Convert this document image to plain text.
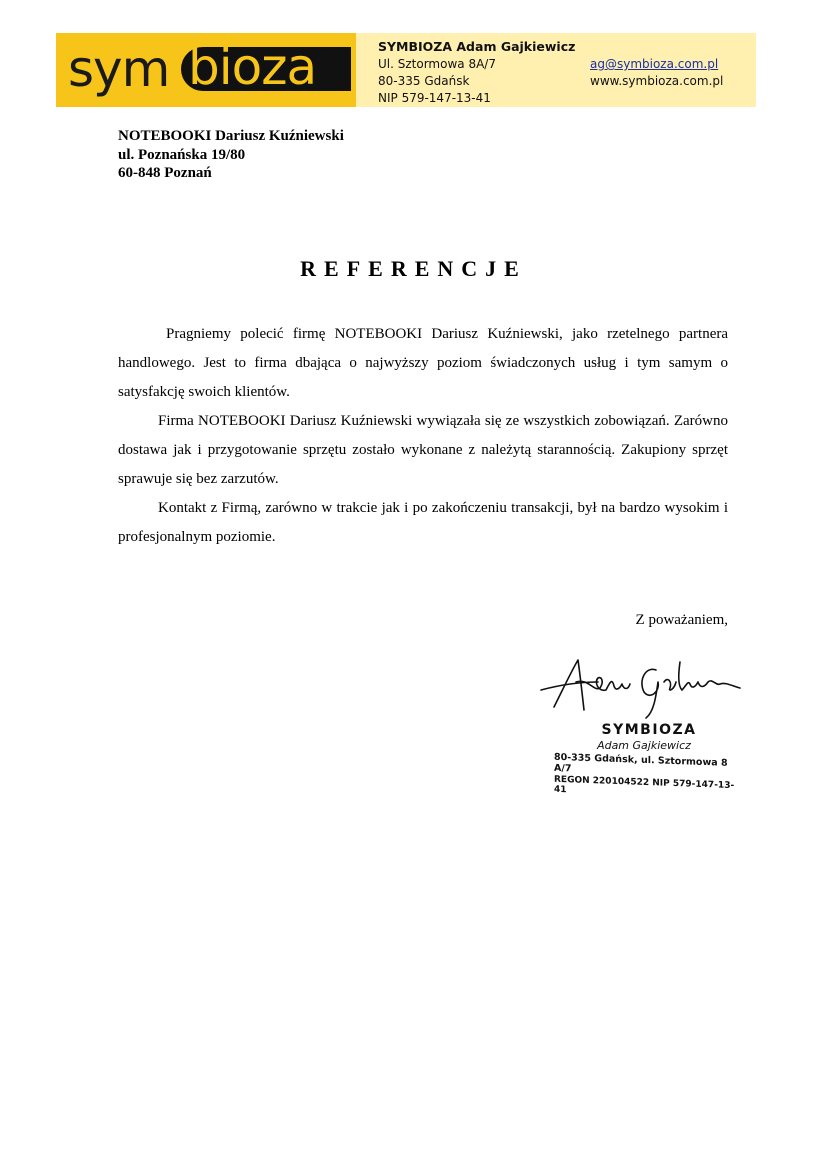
sym bioza	SYMBIOZA Adam Gajkiewicz
Ul. Sztormowa 8A/7
80-335 Gdańsk
NIP 579-147-13-41
ag@symbioza.com.pl
www.symbioza.com.pl
NOTEBOOKI Dariusz Kuźniewski
ul. Poznańska 19/80
60-848 Poznań
REFERENCJE

Pragniemy polecić firmę NOTEBOOKI Dariusz Kuźniewski, jako rzetelnego partnera handlowego. Jest to firma dbająca o najwyższy poziom świadczonych usług i tym samym o satysfakcję swoich klientów.

Firma NOTEBOOKI Dariusz Kuźniewski wywiązała się ze wszystkich zobowiązań. Zarówno dostawa jak i przygotowanie sprzętu zostało wykonane z należytą starannością. Zakupiony sprzęt sprawuje się bez zarzutów.

Kontakt z Firmą, zarówno w trakcie jak i po zakończeniu transakcji, był na bardzo wysokim i profesjonalnym poziomie.

Z poważaniem,
SYMBIOZA
Adam Gajkiewicz
80-335 Gdańsk, ul. Sztormowa 8 A/7
REGON 220104522 NIP 579-147-13-41
